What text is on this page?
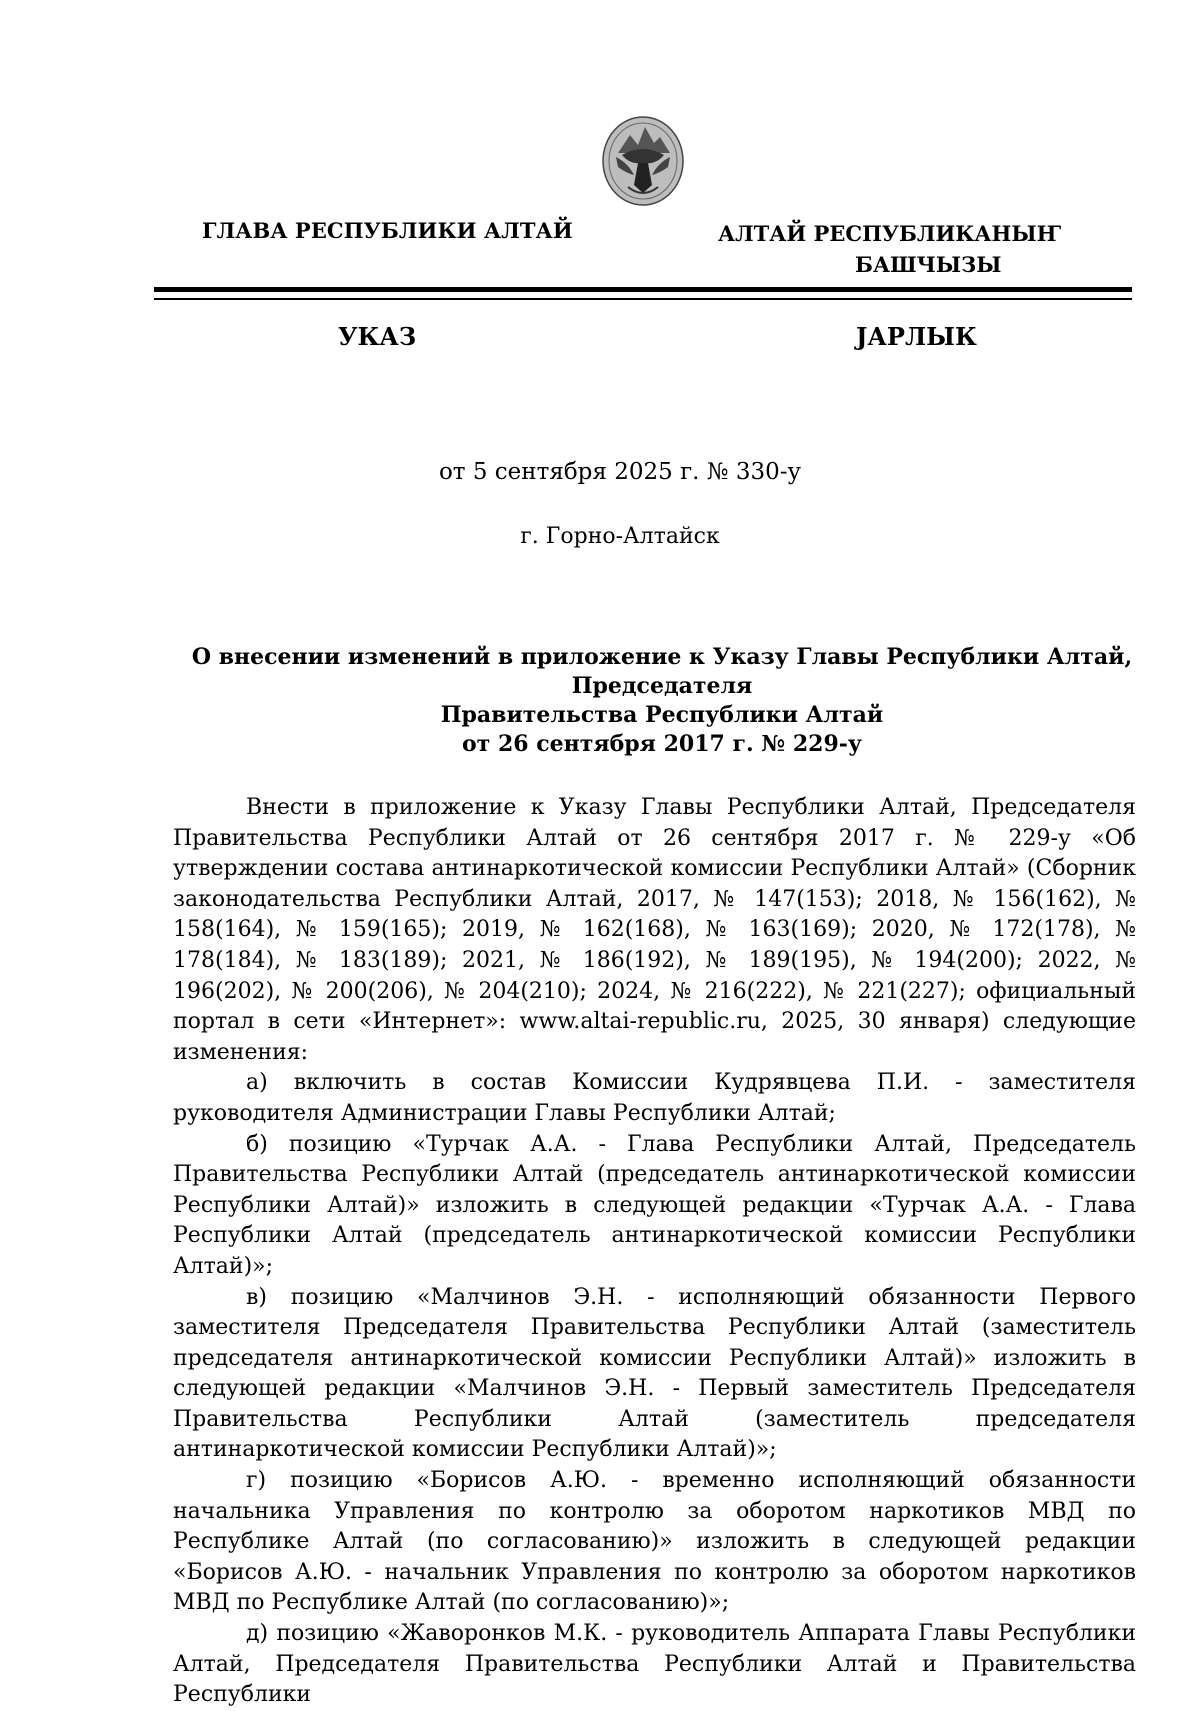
ГЛАВА РЕСПУБЛИКИ АЛТАЙ	АЛТАЙ РЕСПУБЛИКАНЫҤ
БАШЧЫЗЫ
УКАЗ	ЈАРЛЫК
от 5 сентября 2025 г. № 330-у
г. Горно-Алтайск
О внесении изменений в приложение к Указу Главы Республики Алтай, Председателя
Правительства Республики Алтай
от 26 сентября 2017 г. № 229-у

Внести в приложение к Указу Главы Республики Алтай, Председателя Правительства Республики Алтай от 26 сентября 2017 г. № 229-у «Об утверждении состава антинаркотической комиссии Республики Алтай» (Сборник законодательства Республики Алтай, 2017, № 147(153); 2018, № 156(162), № 158(164), № 159(165); 2019, № 162(168), № 163(169); 2020, № 172(178), № 178(184), № 183(189); 2021, № 186(192), № 189(195), № 194(200); 2022, № 196(202), № 200(206), № 204(210); 2024, № 216(222), № 221(227); официальный портал в сети «Интернет»: www.altai-republic.ru, 2025, 30 января) следующие изменения:

а) включить в состав Комиссии Кудрявцева П.И. - заместителя руководителя Администрации Главы Республики Алтай;

б) позицию «Турчак А.А. - Глава Республики Алтай, Председатель Правительства Республики Алтай (председатель антинаркотической комиссии Республики Алтай)» изложить в следующей редакции «Турчак А.А. - Глава Республики Алтай (председатель антинаркотической комиссии Республики Алтай)»;

в) позицию «Малчинов Э.Н. - исполняющий обязанности Первого заместителя Председателя Правительства Республики Алтай (заместитель председателя антинаркотической комиссии Республики Алтай)» изложить в следующей редакции «Малчинов Э.Н. - Первый заместитель Председателя Правительства Республики Алтай (заместитель председателя антинаркотической комиссии Республики Алтай)»;

г) позицию «Борисов А.Ю. - временно исполняющий обязанности начальника Управления по контролю за оборотом наркотиков МВД по Республике Алтай (по согласованию)» изложить в следующей редакции «Борисов А.Ю. - начальник Управления по контролю за оборотом наркотиков МВД по Республике Алтай (по согласованию)»;

д) позицию «Жаворонков М.К. - руководитель Аппарата Главы Республики Алтай, Председателя Правительства Республики Алтай и Правительства Республики
